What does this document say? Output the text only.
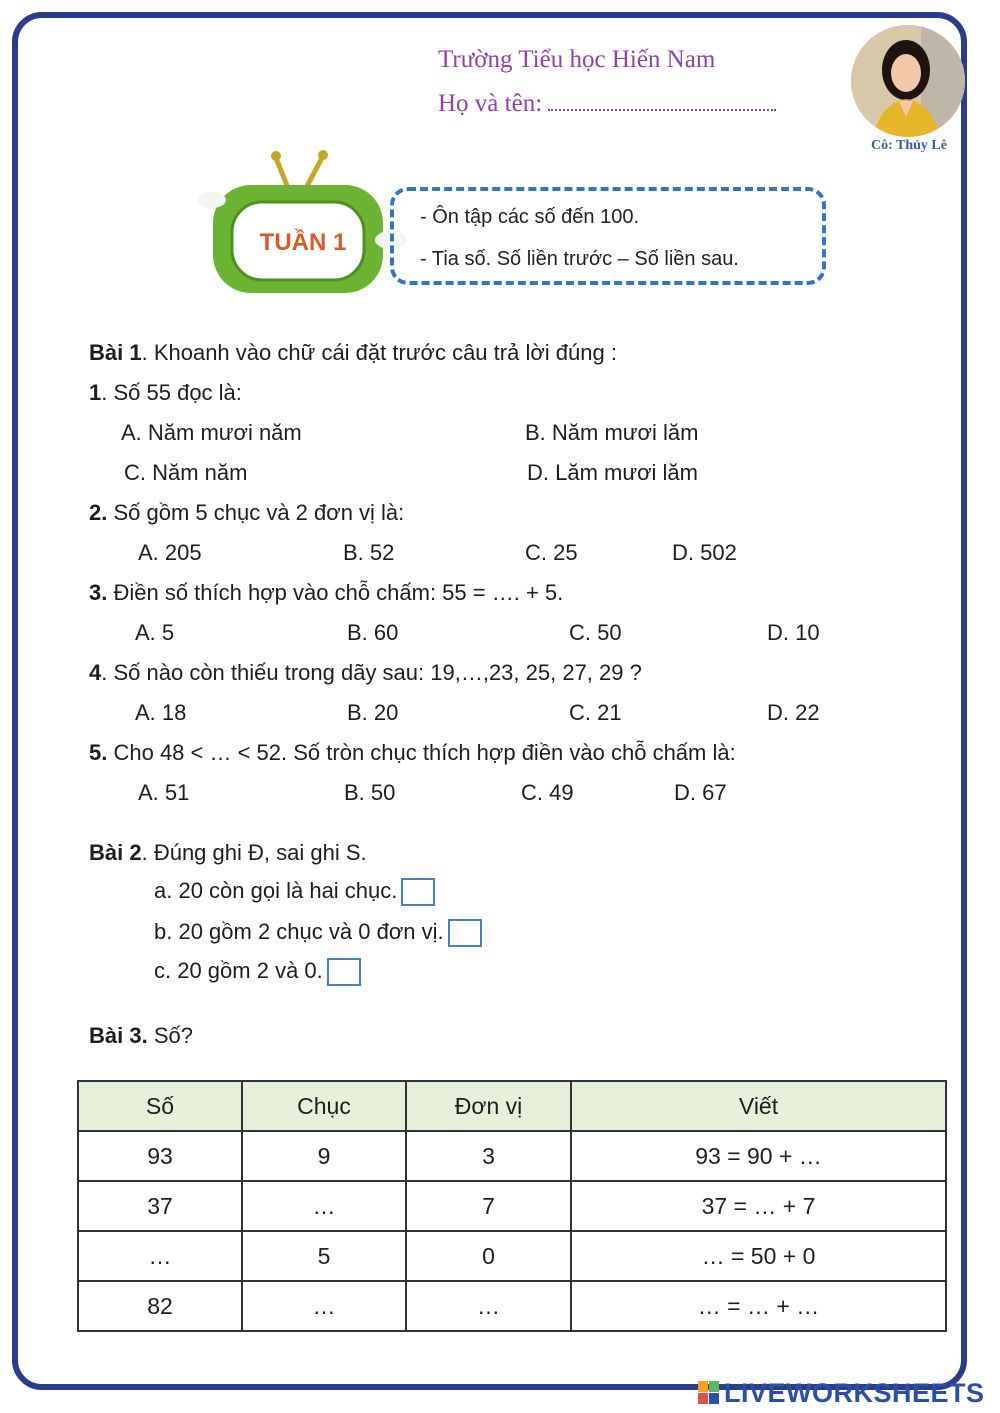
Trường Tiểu học Hiến Nam
Họ và tên:
Cô: Thủy Lê
TUẦN 1
- Ôn tập các số đến 100.
- Tia số. Số liền trước – Số liền sau.
Bài 1. Khoanh vào chữ cái đặt trước câu trả lời đúng :
1. Số 55 đọc là:
A. Năm mươi năm	B. Năm mươi lăm
C. Năm năm	D. Lăm mươi lăm
2. Số gồm 5 chục và 2 đơn vị là:
A. 205	B. 52	C. 25	D. 502
3. Điền số thích hợp vào chỗ chấm: 55 = …. + 5.
A. 5	B. 60	C. 50	D. 10
4. Số nào còn thiếu trong dãy sau: 19,…,23, 25, 27, 29 ?
A. 18	B. 20	C. 21	D. 22
5. Cho 48 < … < 52. Số tròn chục thích hợp điền vào chỗ chấm là:
A. 51	B. 50	C. 49	D. 67
Bài 2. Đúng ghi Đ, sai ghi S.
a. 20 còn gọi là hai chục.
b. 20 gồm 2 chục và 0 đơn vị.
c. 20 gồm 2 và 0.
Bài 3. Số?
Số	Chục	Đơn vị	Viết
93	9	3	93 = 90 + …
37	…	7	37 = … + 7
…	5	0	… = 50 + 0
82	…	…	… = … + …
LIVEWORKSHEETS
